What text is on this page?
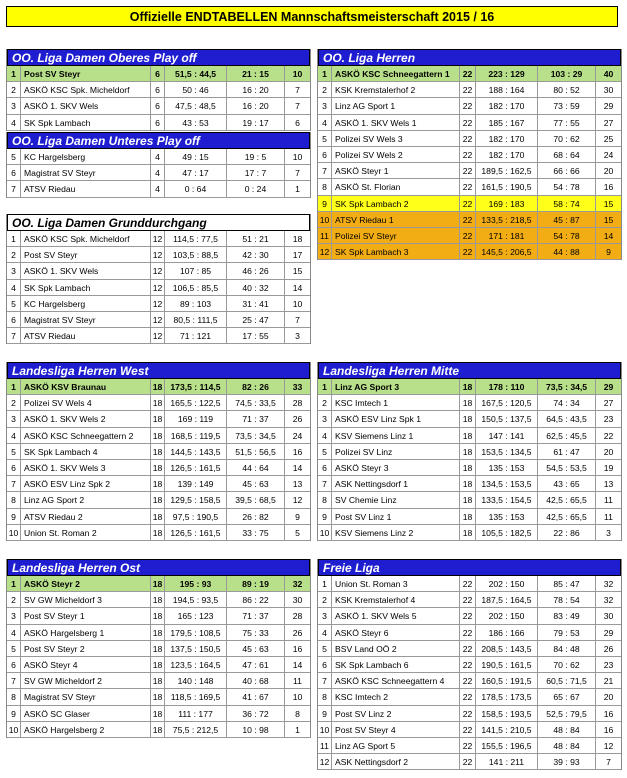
Offizielle ENDTABELLEN Mannschaftsmeisterschaft 2015 / 16
OO. Liga Damen Oberes Play off
1 Post SV Steyr	6	51,5 : 44,5	21 : 15	10
2 ASKÖ KSC Spk. Micheldorf	6	50 : 46	16 : 20	7
3 ASKÖ 1. SKV Wels	6	47,5 : 48,5	16 : 20	7
4 SK Spk Lambach	6	43 : 53	19 : 17	6
OO. Liga Damen Unteres Play off
5 KC Hargelsberg	4	49 : 15	19 : 5	10
6 Magistrat SV Steyr	4	47 : 17	17 : 7	7
7 ATSV Riedau	4	0 : 64	0 : 24	1
OO. Liga Damen Grunddurchgang
1 ASKÖ KSC Spk. Micheldorf	12	114,5 : 77,5	51 : 21	18
2 Post SV Steyr	12	103,5 : 88,5	42 : 30	17
3 ASKÖ 1. SKV Wels	12	107 : 85	46 : 26	15
4 SK Spk Lambach	12	106,5 : 85,5	40 : 32	14
5 KC Hargelsberg	12	89 : 103	31 : 41	10
6 Magistrat SV Steyr	12	80,5 : 111,5	25 : 47	7
7 ATSV Riedau	12	71 : 121	17 : 55	3
Landesliga Herren West
1 ASKÖ KSV Braunau	18 173,5 : 114,5	82 : 26	33
2 Polizei SV Wels 4	18 165,5 : 122,5	74,5 : 33,5	28
3 ASKÖ 1. SKV Wels 2	18	169 : 119	71 : 37	26
4 ASKÖ KSC Schneegattern 2	18 168,5 : 119,5	73,5 : 34,5	24
5 SK Spk Lambach 4	18 144,5 : 143,5	51,5 : 56,5	16
6 ASKÖ 1. SKV Wels 3	18 126,5 : 161,5	44 : 64	14
7 ASKÖ ESV Linz Spk 2	18	139 : 149	45 : 63	13
8 Linz AG Sport 2	18 129,5 : 158,5	39,5 : 68,5	12
9 ATSV Riedau 2	18	97,5 : 190,5	26 : 82	9
10 Union St. Roman 2	18 126,5 : 161,5	33 : 75	5
Landesliga Herren Ost
1 ASKÖ Steyr 2	18	195 : 93	89 : 19	32
2 SV GW Micheldorf 3	18	194,5 : 93,5	86 : 22	30
3 Post SV Steyr 1	18	165 : 123	71 : 37	28
4 ASKÖ Hargelsberg 1	18 179,5 : 108,5	75 : 33	26
5 Post SV Steyr 2	18 137,5 : 150,5	45 : 63	16
6 ASKÖ Steyr 4	18 123,5 : 164,5	47 : 61	14
7 SV GW Micheldorf 2	18	140 : 148	40 : 68	11
8 Magistrat SV Steyr	18 118,5 : 169,5	41 : 67	10
9 ASKÖ SC Glaser	18	111 : 177	36 : 72	8
10 ASKÖ Hargelsberg 2	18	75,5 : 212,5	10 : 98	1
OO. Liga Herren
1 ASKÖ KSC Schneegattern 1	22	223 : 129	103 : 29	40
2 KSK Kremstalerhof 2	22	188 : 164	80 : 52	30
3 Linz AG Sport 1	22	182 : 170	73 : 59	29
4 ASKÖ 1. SKV Wels 1	22	185 : 167	77 : 55	27
5 Polizei SV Wels 3	22	182 : 170	70 : 62	25
6 Polizei SV Wels 2	22	182 : 170	68 : 64	24
7 ASKÖ Steyr 1	22	189,5 : 162,5	66 : 66	20
8 ASKÖ St. Florian	22	161,5 : 190,5	54 : 78	16
9 SK Spk Lambach 2	22	169 : 183	58 : 74	15
10 ATSV Riedau 1	22	133,5 : 218,5	45 : 87	15
11 Polizei SV Steyr	22	171 : 181	54 : 78	14
12 SK Spk Lambach 3	22	145,5 : 206,5	44 : 88	9
Landesliga Herren Mitte
1 Linz AG Sport 3	18	178 : 110	73,5 : 34,5	29
2 KSC Imtech 1	18	167,5 : 120,5	74 : 34	27
3 ASKÖ ESV Linz Spk 1	18	150,5 : 137,5	64,5 : 43,5	23
4 KSV Siemens Linz 1	18	147 : 141	62,5 : 45,5	22
5 Polizei SV Linz	18	153,5 : 134,5	61 : 47	20
6 ASKÖ Steyr 3	18	135 : 153	54,5 : 53,5	19
7 ASK Nettingsdorf 1	18	134,5 : 153,5	43 : 65	13
8 SV Chemie Linz	18	133,5 : 154,5	42,5 : 65,5	11
9 Post SV Linz 1	18	135 : 153	42,5 : 65,5	11
10 KSV Siemens Linz 2	18	105,5 : 182,5	22 : 86	3
Freie Liga
1 Union St. Roman 3	22	202 : 150	85 : 47	32
2 KSK Kremstalerhof 4	22	187,5 : 164,5	78 : 54	32
3 ASKÖ 1. SKV Wels 5	22	202 : 150	83 : 49	30
4 ASKÖ Steyr 6	22	186 : 166	79 : 53	29
5 BSV Land OÖ 2	22	208,5 : 143,5	84 : 48	26
6 SK Spk Lambach 6	22	190,5 : 161,5	70 : 62	23
7 ASKÖ KSC Schneegattern 4	22	160,5 : 191,5	60,5 : 71,5	21
8 KSC Imtech 2	22	178,5 : 173,5	65 : 67	20
9 Post SV Linz 2	22	158,5 : 193,5	52,5 : 79,5	16
10 Post SV Steyr 4	22	141,5 : 210,5	48 : 84	16
11 Linz AG Sport 5	22	155,5 : 196,5	48 : 84	12
12 ASK Nettingsdorf 2	22	141 : 211	39 : 93	7
